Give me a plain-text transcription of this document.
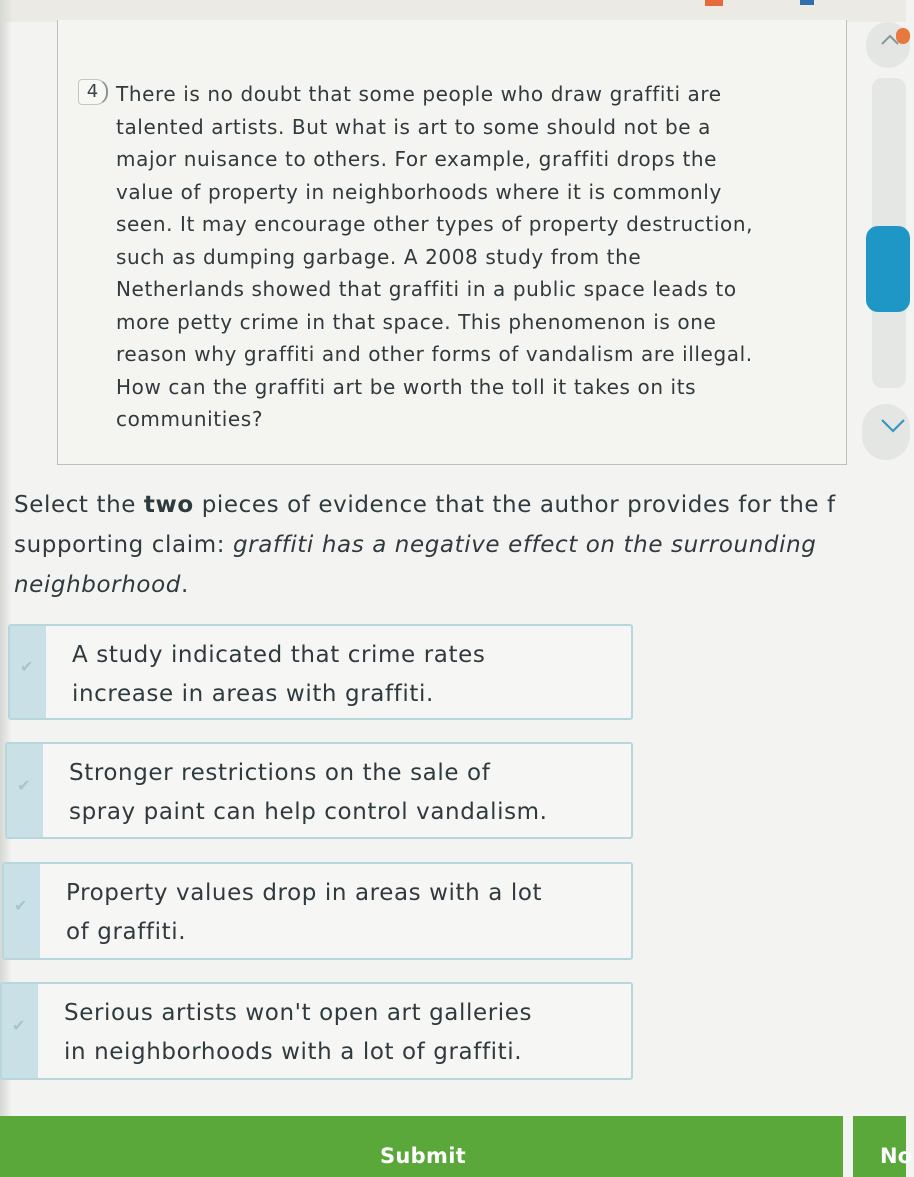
4 There is no doubt that some people who draw graffiti are
talented artists. But what is art to some should not be a
major nuisance to others. For example, graffiti drops the
value of property in neighborhoods where it is commonly
seen. It may encourage other types of property destruction,
such as dumping garbage. A 2008 study from the
Netherlands showed that graffiti in a public space leads to
more petty crime in that space. This phenomenon is one
reason why graffiti and other forms of vandalism are illegal.
How can the graffiti art be worth the toll it takes on its
communities?

Select the two pieces of evidence that the author provides for the f
supporting claim: graffiti has a negative effect on the surrounding
neighborhood.

✔ A study indicated that crime rates
increase in areas with graffiti.
✔ Stronger restrictions on the sale of
spray paint can help control vandalism.
✔ Property values drop in areas with a lot
of graffiti.
✔ Serious artists won't open art galleries
in neighborhoods with a lot of graffiti.
Submit	No
